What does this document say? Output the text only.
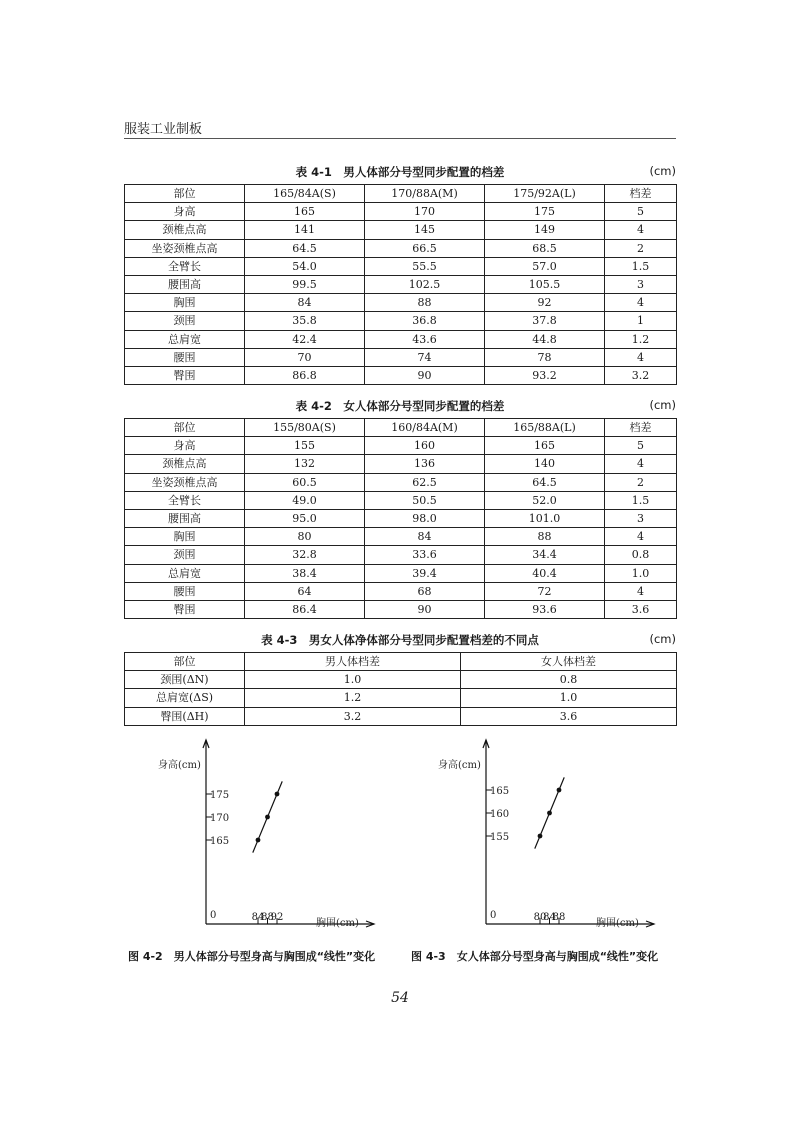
服装工业制板
表 4-1　男人体部分号型同步配置的档差	(cm)
部位	165/84A(S)	170/88A(M)	175/92A(L)	档差
身高	165	170	175	5
颈椎点高	141	145	149	4
坐姿颈椎点高	64.5	66.5	68.5	2
全臂长	54.0	55.5	57.0	1.5
腰围高	99.5	102.5	105.5	3
胸围	84	88	92	4
颈围	35.8	36.8	37.8	1
总肩宽	42.4	43.6	44.8	1.2
腰围	70	74	78	4
臀围	86.8	90	93.2	3.2
表 4-2　女人体部分号型同步配置的档差	(cm)
部位	155/80A(S)	160/84A(M)	165/88A(L)	档差
身高	155	160	165	5
颈椎点高	132	136	140	4
坐姿颈椎点高	60.5	62.5	64.5	2
全臂长	49.0	50.5	52.0	1.5
腰围高	95.0	98.0	101.0	3
胸围	80	84	88	4
颈围	32.8	33.6	34.4	0.8
总肩宽	38.4	39.4	40.4	1.0
腰围	64	68	72	4
臀围	86.4	90	93.6	3.6
表 4-3　男女人体净体部分号型同步配置档差的不同点	(cm)
部位	男人体档差	女人体档差
颈围(ΔN)	1.0	0.8
总肩宽(ΔS)	1.2	1.0
臀围(ΔH)	3.2	3.6
身高(cm)
胸围(cm)
0
165
170
175
84
88
92
图 4-2　男人体部分号型身高与胸围成“线性”变化
身高(cm)
胸围(cm)
0
155
160
165
80
84
88
图 4-3　女人体部分号型身高与胸围成“线性”变化
54
